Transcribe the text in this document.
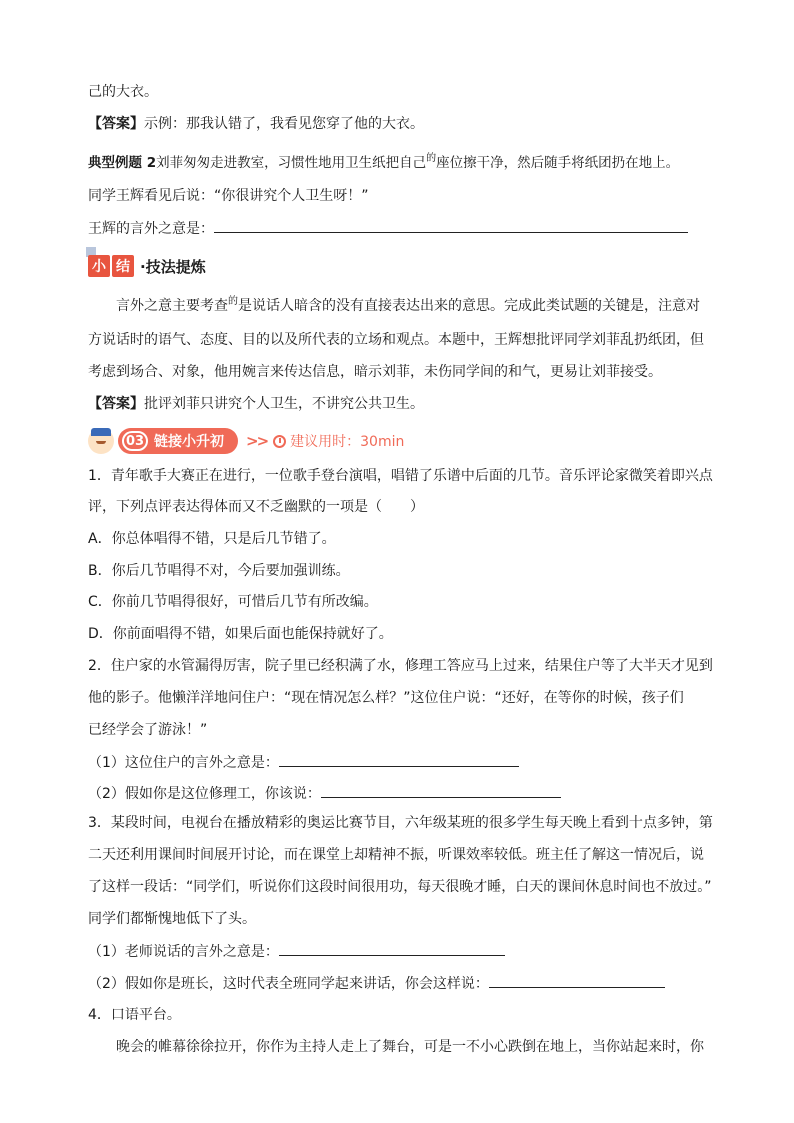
己的大衣。
【答案】示例：那我认错了，我看见您穿了他的大衣。
典型例题 2刘菲匆匆走进教室，习惯性地用卫生纸把自己$^的$座位擦干净，然后随手将纸团扔在地上。
同学王辉看见后说：“你很讲究个人卫生呀！”
王辉的言外之意是：
小 结 ·技法提炼
言外之意主要考查$^的$是说话人暗含的没有直接表达出来的意思。完成此类试题的关键是，注意对
方说话时的语气、态度、目的以及所代表的立场和观点。本题中，王辉想批评同学刘菲乱扔纸团，但
考虑到场合、对象，他用婉言来传达信息，暗示刘菲，未伤同学间的和气，更易让刘菲接受。
【答案】批评刘菲只讲究个人卫生，不讲究公共卫生。
03 链接小升初 >> 建议用时：30min
1．青年歌手大赛正在进行，一位歌手登台演唱，唱错了乐谱中后面的几节。音乐评论家微笑着即兴点
评，下列点评表达得体而又不乏幽默的一项是（　　）
A．你总体唱得不错，只是后几节错了。
B．你后几节唱得不对，今后要加强训练。
C．你前几节唱得很好，可惜后几节有所改编。
D．你前面唱得不错，如果后面也能保持就好了。
2．住户家的水管漏得厉害，院子里已经积满了水，修理工答应马上过来，结果住户等了大半天才见到
他的影子。他懒洋洋地问住户：“现在情况怎么样？”这位住户说：“还好，在等你的时候，孩子们
已经学会了游泳！”
（1）这位住户的言外之意是：
（2）假如你是这位修理工，你该说：
3．某段时间，电视台在播放精彩的奥运比赛节目，六年级某班的很多学生每天晚上看到十点多钟，第
二天还利用课间时间展开讨论，而在课堂上却精神不振，听课效率较低。班主任了解这一情况后，说
了这样一段话：“同学们，听说你们这段时间很用功，每天很晚才睡，白天的课间休息时间也不放过。”
同学们都惭愧地低下了头。
（1）老师说话的言外之意是：
（2）假如你是班长，这时代表全班同学起来讲话，你会这样说：
4．口语平台。
晚会的帷幕徐徐拉开，你作为主持人走上了舞台，可是一不小心跌倒在地上，当你站起来时，你
